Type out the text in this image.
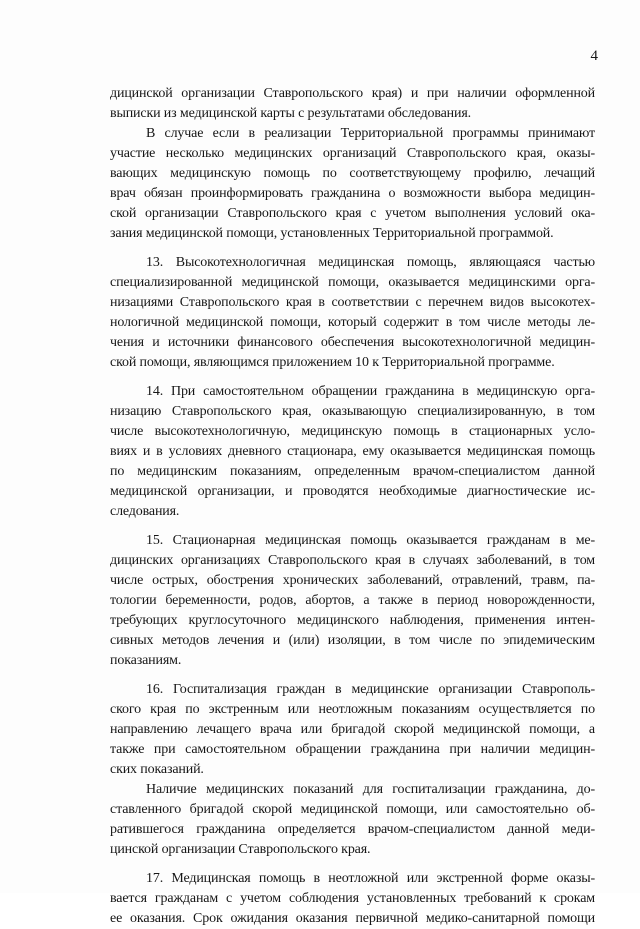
4
дицинской организации Ставропольского края) и при наличии оформленной
выписки из медицинской карты с результатами обследования.
В случае если в реализации Территориальной программы принимают
участие несколько медицинских организаций Ставропольского края, оказы-
вающих медицинскую помощь по соответствующему профилю, лечащий
врач обязан проинформировать гражданина о возможности выбора медицин-
ской организации Ставропольского края с учетом выполнения условий ока-
зания медицинской помощи, установленных Территориальной программой.
13. Высокотехнологичная медицинская помощь, являющаяся частью
специализированной медицинской помощи, оказывается медицинскими орга-
низациями Ставропольского края в соответствии с перечнем видов высокотех-
нологичной медицинской помощи, который содержит в том числе методы ле-
чения и источники финансового обеспечения высокотехнологичной медицин-
ской помощи, являющимся приложением 10 к Территориальной программе.
14. При самостоятельном обращении гражданина в медицинскую орга-
низацию Ставропольского края, оказывающую специализированную, в том
числе высокотехнологичную, медицинскую помощь в стационарных усло-
виях и в условиях дневного стационара, ему оказывается медицинская помощь
по медицинским показаниям, определенным врачом-специалистом данной
медицинской организации, и проводятся необходимые диагностические ис-
следования.
15. Стационарная медицинская помощь оказывается гражданам в ме-
дицинских организациях Ставропольского края в случаях заболеваний, в том
числе острых, обострения хронических заболеваний, отравлений, травм, па-
тологии беременности, родов, абортов, а также в период новорожденности,
требующих круглосуточного медицинского наблюдения, применения интен-
сивных методов лечения и (или) изоляции, в том числе по эпидемическим
показаниям.
16. Госпитализация граждан в медицинские организации Ставрополь-
ского края по экстренным или неотложным показаниям осуществляется по
направлению лечащего врача или бригадой скорой медицинской помощи, а
также при самостоятельном обращении гражданина при наличии медицин-
ских показаний.
Наличие медицинских показаний для госпитализации гражданина, до-
ставленного бригадой скорой медицинской помощи, или самостоятельно об-
ратившегося гражданина определяется врачом-специалистом данной меди-
цинской организации Ставропольского края.
17. Медицинская помощь в неотложной или экстренной форме оказы-
вается гражданам с учетом соблюдения установленных требований к срокам
ее оказания. Срок ожидания оказания первичной медико-санитарной помощи
